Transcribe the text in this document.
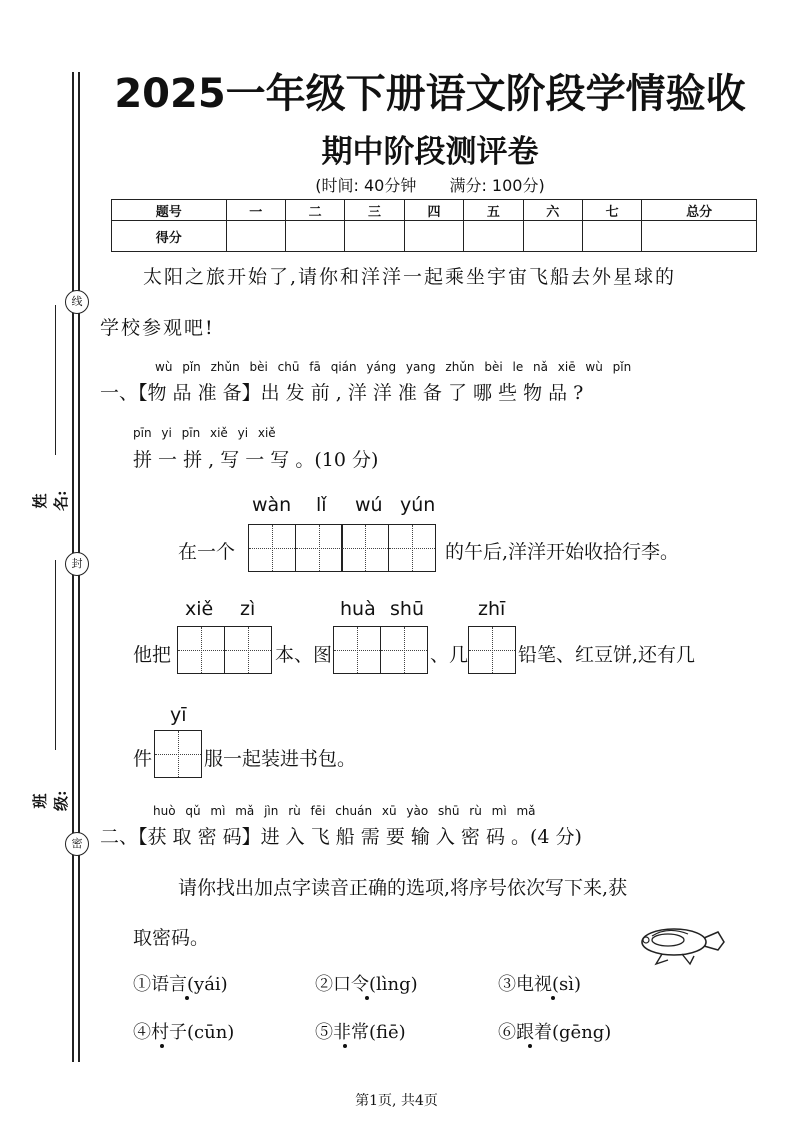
线
封
密
姓 名:
班 级:
2025一年级下册语文阶段学情验收
期中阶段测评卷
(时间: 40分钟 满分: 100分)
题号	一	二	三	四	五	六	七	总分
得分								
太阳之旅开始了,请你和洋洋一起乘坐宇宙飞船去外星球的
学校参观吧!
wù pǐn zhǔn bèi chū fā qián yáng yang zhǔn bèi le nǎ xiē wù pǐn
一、【物 品 准 备】出 发 前 , 洋 洋 准 备 了 哪 些 物 品 ?
pīn yi pīn xiě yi xiě
拼 一 拼 , 写 一 写 。(10 分)
wàn lǐ wú yún
在一个	的午后,洋洋开始收拾行李。
xiě zì	huà shū	zhī
他把	本、图	、几	铅笔、红豆饼,还有几
yī
件	服一起装进书包。
huò qǔ mì mǎ jìn rù fēi chuán xū yào shū rù mì mǎ
二、【获 取 密 码】进 入 飞 船 需 要 输 入 密 码 。(4 分)
请你找出加点字读音正确的选项,将序号依次写下来,获
取密码。
①语言(yái)	②口令(lìng)	③电视(sì)
④村子(cūn)	⑤非常(fiē)	⑥跟着(gēng)
第1页, 共4页
